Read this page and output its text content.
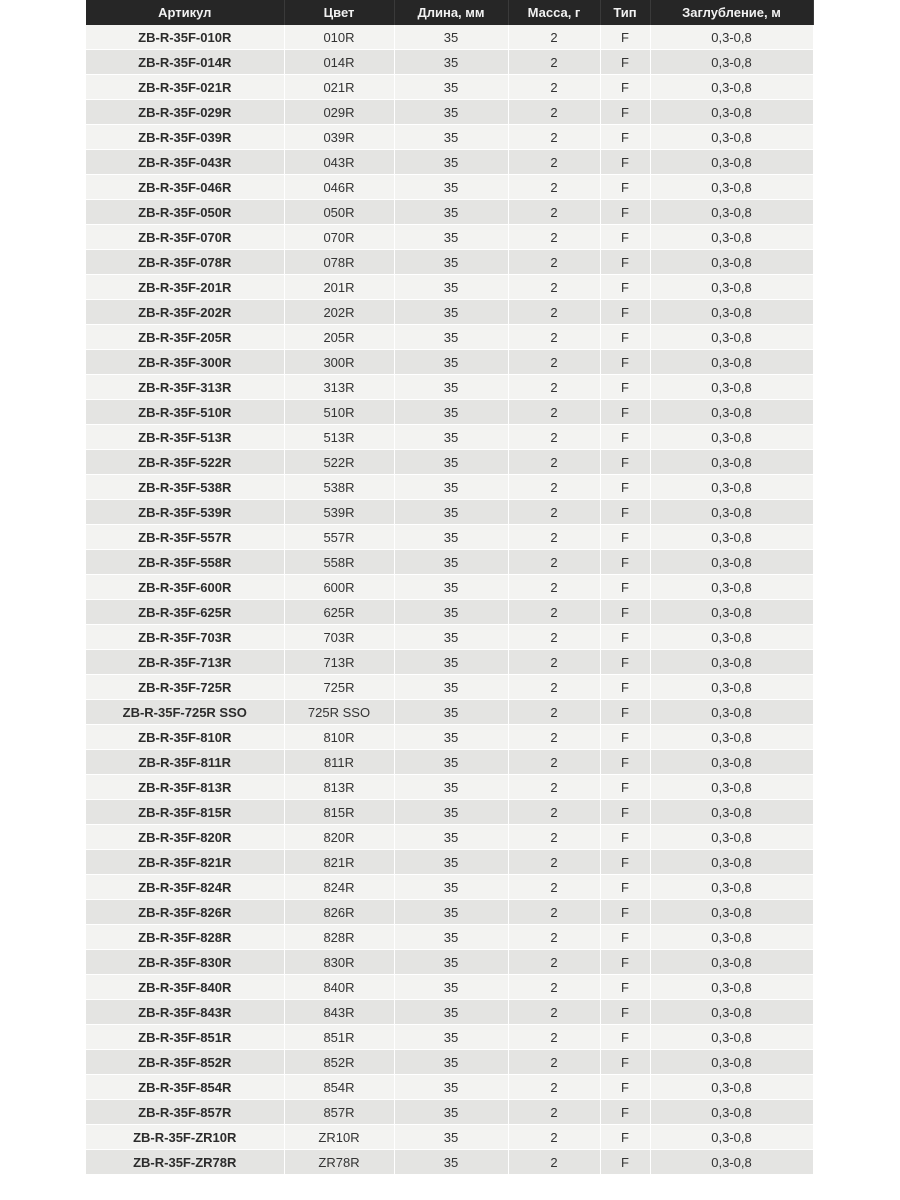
Артикул	Цвет	Длина, мм	Масса, г	Тип	Заглубление, м
ZB-R-35F-010R	010R	35	2	F	0,3-0,8
ZB-R-35F-014R	014R	35	2	F	0,3-0,8
ZB-R-35F-021R	021R	35	2	F	0,3-0,8
ZB-R-35F-029R	029R	35	2	F	0,3-0,8
ZB-R-35F-039R	039R	35	2	F	0,3-0,8
ZB-R-35F-043R	043R	35	2	F	0,3-0,8
ZB-R-35F-046R	046R	35	2	F	0,3-0,8
ZB-R-35F-050R	050R	35	2	F	0,3-0,8
ZB-R-35F-070R	070R	35	2	F	0,3-0,8
ZB-R-35F-078R	078R	35	2	F	0,3-0,8
ZB-R-35F-201R	201R	35	2	F	0,3-0,8
ZB-R-35F-202R	202R	35	2	F	0,3-0,8
ZB-R-35F-205R	205R	35	2	F	0,3-0,8
ZB-R-35F-300R	300R	35	2	F	0,3-0,8
ZB-R-35F-313R	313R	35	2	F	0,3-0,8
ZB-R-35F-510R	510R	35	2	F	0,3-0,8
ZB-R-35F-513R	513R	35	2	F	0,3-0,8
ZB-R-35F-522R	522R	35	2	F	0,3-0,8
ZB-R-35F-538R	538R	35	2	F	0,3-0,8
ZB-R-35F-539R	539R	35	2	F	0,3-0,8
ZB-R-35F-557R	557R	35	2	F	0,3-0,8
ZB-R-35F-558R	558R	35	2	F	0,3-0,8
ZB-R-35F-600R	600R	35	2	F	0,3-0,8
ZB-R-35F-625R	625R	35	2	F	0,3-0,8
ZB-R-35F-703R	703R	35	2	F	0,3-0,8
ZB-R-35F-713R	713R	35	2	F	0,3-0,8
ZB-R-35F-725R	725R	35	2	F	0,3-0,8
ZB-R-35F-725R SSO	725R SSO	35	2	F	0,3-0,8
ZB-R-35F-810R	810R	35	2	F	0,3-0,8
ZB-R-35F-811R	811R	35	2	F	0,3-0,8
ZB-R-35F-813R	813R	35	2	F	0,3-0,8
ZB-R-35F-815R	815R	35	2	F	0,3-0,8
ZB-R-35F-820R	820R	35	2	F	0,3-0,8
ZB-R-35F-821R	821R	35	2	F	0,3-0,8
ZB-R-35F-824R	824R	35	2	F	0,3-0,8
ZB-R-35F-826R	826R	35	2	F	0,3-0,8
ZB-R-35F-828R	828R	35	2	F	0,3-0,8
ZB-R-35F-830R	830R	35	2	F	0,3-0,8
ZB-R-35F-840R	840R	35	2	F	0,3-0,8
ZB-R-35F-843R	843R	35	2	F	0,3-0,8
ZB-R-35F-851R	851R	35	2	F	0,3-0,8
ZB-R-35F-852R	852R	35	2	F	0,3-0,8
ZB-R-35F-854R	854R	35	2	F	0,3-0,8
ZB-R-35F-857R	857R	35	2	F	0,3-0,8
ZB-R-35F-ZR10R	ZR10R	35	2	F	0,3-0,8
ZB-R-35F-ZR78R	ZR78R	35	2	F	0,3-0,8
